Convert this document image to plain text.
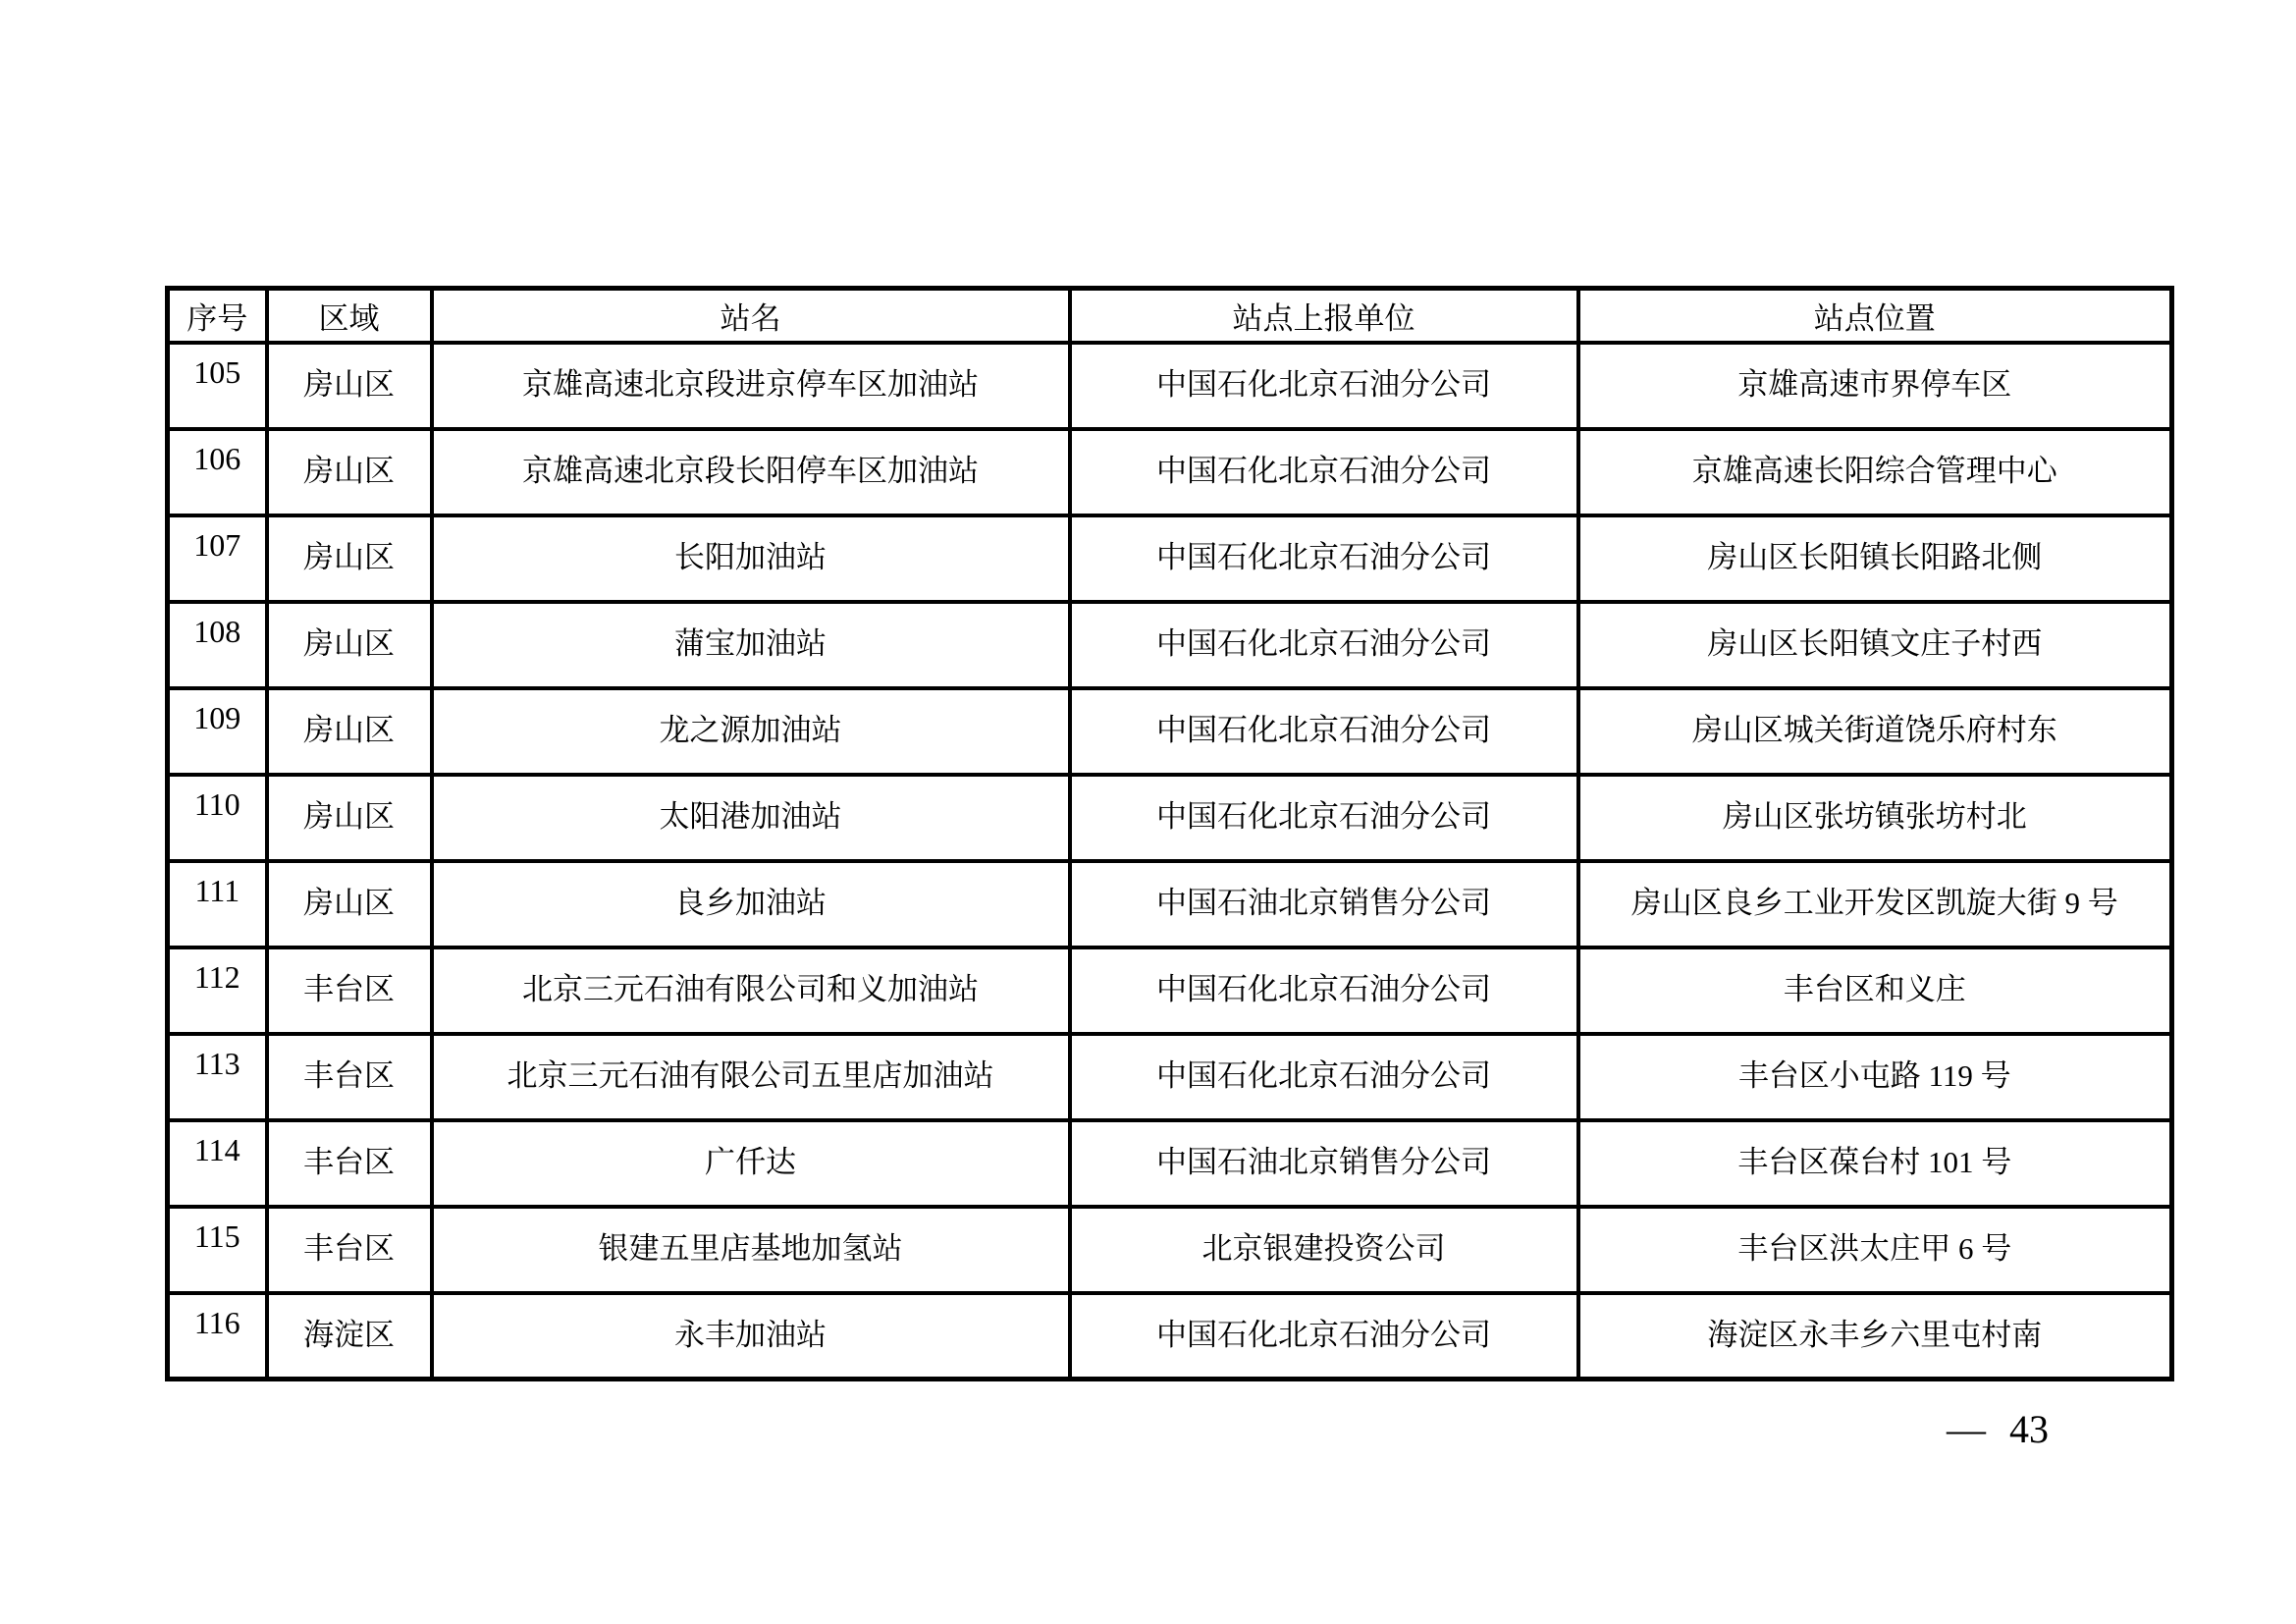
序号	区域	站名	站点上报单位	站点位置
105	房山区	京雄高速北京段进京停车区加油站	中国石化北京石油分公司	京雄高速市界停车区
106	房山区	京雄高速北京段长阳停车区加油站	中国石化北京石油分公司	京雄高速长阳综合管理中心
107	房山区	长阳加油站	中国石化北京石油分公司	房山区长阳镇长阳路北侧
108	房山区	蒲宝加油站	中国石化北京石油分公司	房山区长阳镇文庄子村西
109	房山区	龙之源加油站	中国石化北京石油分公司	房山区城关街道饶乐府村东
110	房山区	太阳港加油站	中国石化北京石油分公司	房山区张坊镇张坊村北
111	房山区	良乡加油站	中国石油北京销售分公司	房山区良乡工业开发区凯旋大街 9 号
112	丰台区	北京三元石油有限公司和义加油站	中国石化北京石油分公司	丰台区和义庄
113	丰台区	北京三元石油有限公司五里店加油站	中国石化北京石油分公司	丰台区小屯路 119 号
114	丰台区	广仟达	中国石油北京销售分公司	丰台区葆台村 101 号
115	丰台区	银建五里店基地加氢站	北京银建投资公司	丰台区洪太庄甲 6 号
116	海淀区	永丰加油站	中国石化北京石油分公司	海淀区永丰乡六里屯村南
— 43
